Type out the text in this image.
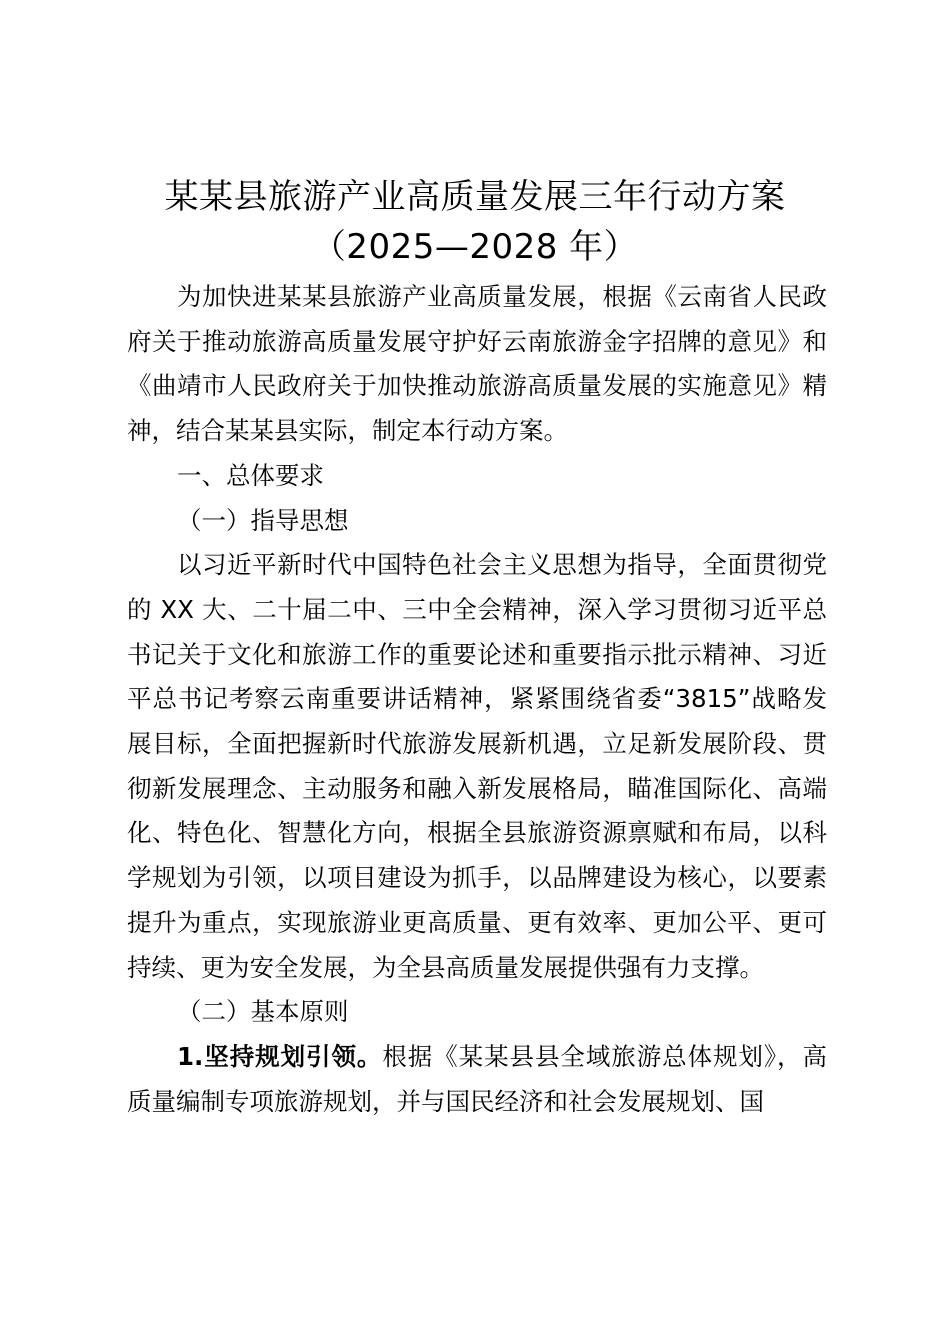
某某县旅游产业高质量发展三年行动方案
（2025—2028 年）

为加快进某某县旅游产业高质量发展，根据《云南省人民政府关于推动旅游高质量发展守护好云南旅游金字招牌的意见》和《曲靖市人民政府关于加快推动旅游高质量发展的实施意见》精神，结合某某县实际，制定本行动方案。

一、总体要求

（一）指导思想

以习近平新时代中国特色社会主义思想为指导，全面贯彻党的 XX 大、二十届二中、三中全会精神，深入学习贯彻习近平总书记关于文化和旅游工作的重要论述和重要指示批示精神、习近平总书记考察云南重要讲话精神，紧紧围绕省委“3815”战略发展目标，全面把握新时代旅游发展新机遇，立足新发展阶段、贯彻新发展理念、主动服务和融入新发展格局，瞄准国际化、高端化、特色化、智慧化方向，根据全县旅游资源禀赋和布局，以科学规划为引领，以项目建设为抓手，以品牌建设为核心，以要素提升为重点，实现旅游业更高质量、更有效率、更加公平、更可持续、更为安全发展，为全县高质量发展提供强有力支撑。

（二）基本原则

1.坚持规划引领。根据《某某县县全域旅游总体规划》，高质量编制专项旅游规划，并与国民经济和社会发展规划、国
